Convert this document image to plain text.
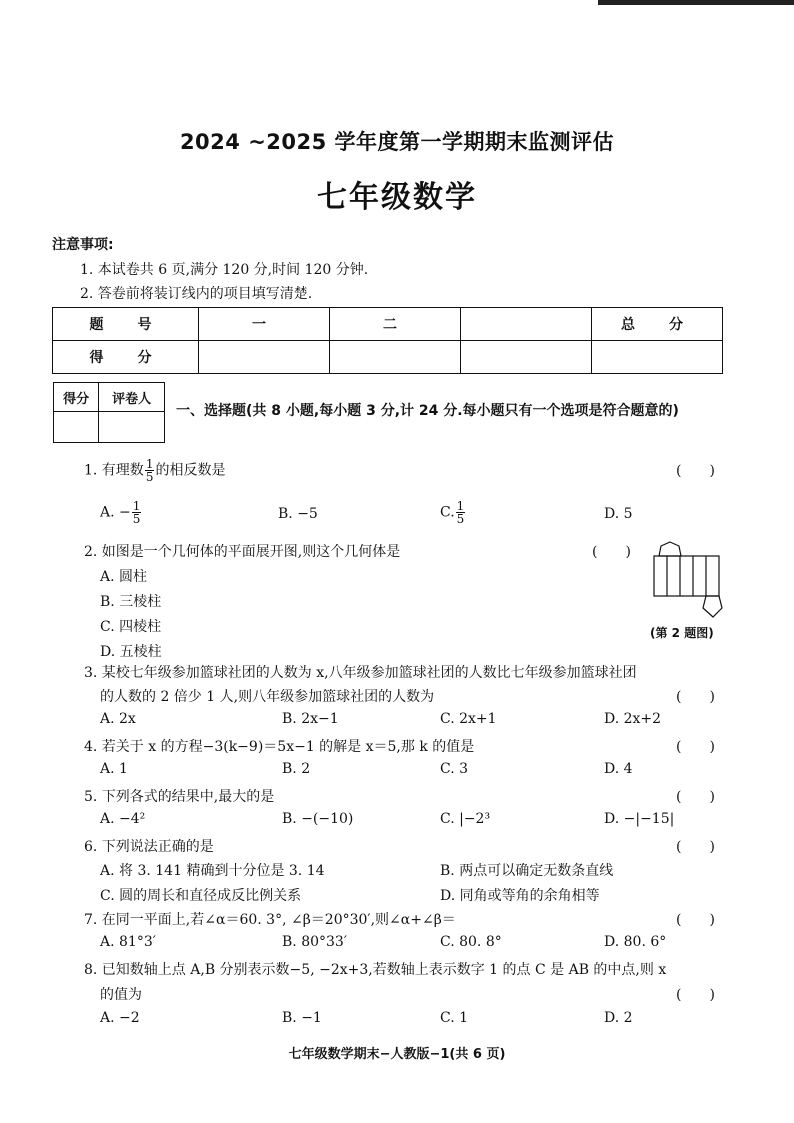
2024 ~2025 学年度第一学期期末监测评估
七年级数学
注意事项:
1. 本试卷共 6 页,满分 120 分,时间 120 分钟.
2. 答卷前将装订线内的项目填写清楚.
题　号	一	二		总　分
得　分				
得分	评卷人

一、选择题(共 8 小题,每小题 3 分,计 24 分.每小题只有一个选项是符合题意的)
1. 有理数 $\frac{1}{5}$ 的相反数是	(　　)
A. − $\frac{1}{5}$	B. −5	C. $\frac{1}{5}$	D. 5
2. 如图是一个几何体的平面展开图,则这个几何体是	(　　)
A. 圆柱
B. 三棱柱
C. 四棱柱
D. 五棱柱
(第 2 题图)
3. 某校七年级参加篮球社团的人数为 x,八年级参加篮球社团的人数比七年级参加篮球社团
的人数的 2 倍少 1 人,则八年级参加篮球社团的人数为	(　　)
A. 2x	B. 2x−1	C. 2x+1	D. 2x+2
4. 若关于 x 的方程−3(k−9)＝5x−1 的解是 x＝5,那 k 的值是	(　　)
A. 1	B. 2	C. 3	D. 4
5. 下列各式的结果中,最大的是	(　　)
A. −4²	B. −(−10)	C. |−2³	D. −|−15|
6. 下列说法正确的是	(　　)
A. 将 3. 141 精确到十分位是 3. 14	B. 两点可以确定无数条直线
C. 圆的周长和直径成反比例关系	D. 同角或等角的余角相等
7. 在同一平面上,若∠α＝60. 3°, ∠β＝20°30′,则∠α+∠β＝	(　　)
A. 81°3′	B. 80°33′	C. 80. 8°	D. 80. 6°
8. 已知数轴上点 A,B 分别表示数−5, −2x+3,若数轴上表示数字 1 的点 C 是 AB 的中点,则 x
的值为	(　　)
A. −2	B. −1	C. 1	D. 2
七年级数学期末−人教版−1(共 6 页)
